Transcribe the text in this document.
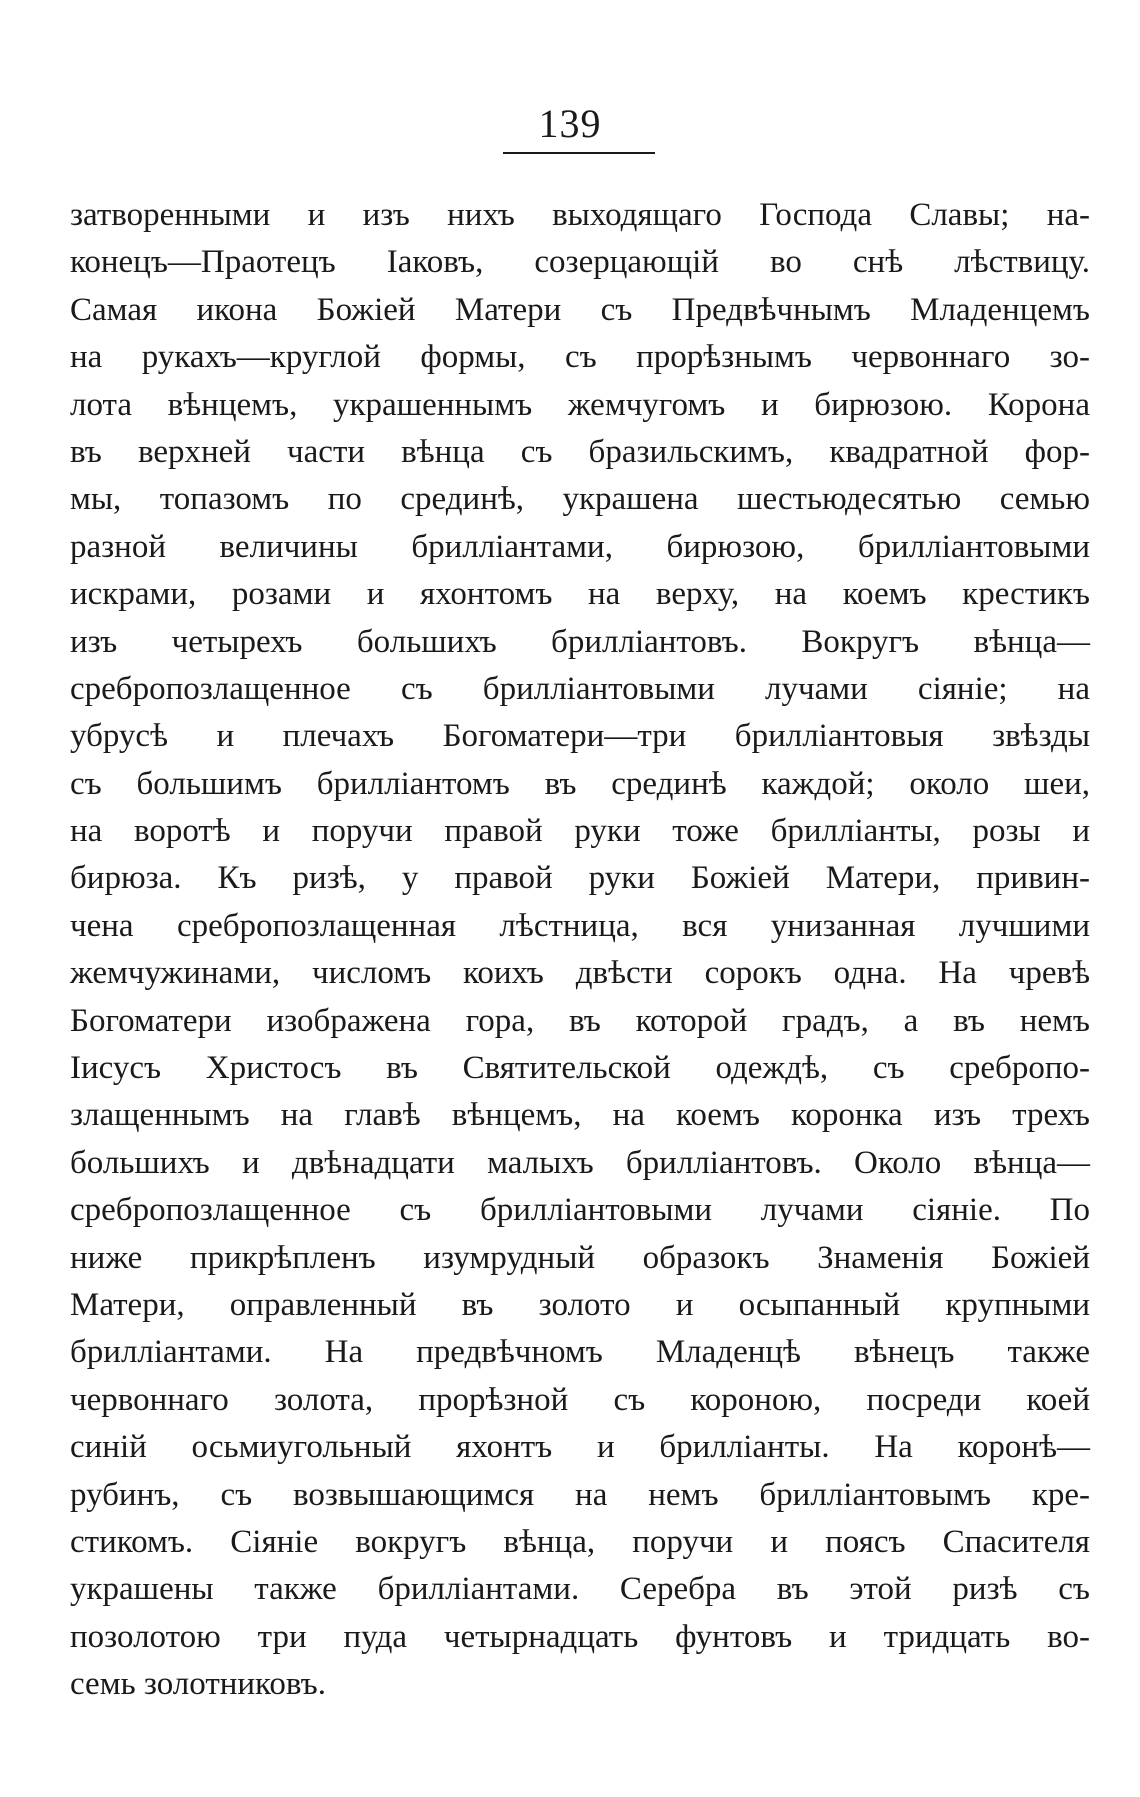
139
затворенными и изъ нихъ выходящаго Господа Славы; на-
конецъ—Праотецъ Іаковъ, созерцающій во снѣ лѣствицу.
Самая икона Божіей Матери съ Предвѣчнымъ Младенцемъ
на рукахъ—круглой формы, съ прорѣзнымъ червоннаго зо-
лота вѣнцемъ, украшеннымъ жемчугомъ и бирюзою. Корона
въ верхней части вѣнца съ бразильскимъ, квадратной фор-
мы, топазомъ по срединѣ, украшена шестьюдесятью семью
разной величины бриллiантами, бирюзою, бриллiантовыми
искрами, розами и яхонтомъ на верху, на коемъ крестикъ
изъ четырехъ большихъ бриллiантовъ. Вокругъ вѣнца—
сребропозлащенное съ бриллiантовыми лучами сiянiе; на
убрусѣ и плечахъ Богоматери—три бриллiантовыя звѣзды
съ большимъ бриллiантомъ въ срединѣ каждой; около шеи,
на воротѣ и поручи правой руки тоже бриллiанты, розы и
бирюза. Къ ризѣ, у правой руки Божiей Матери, привин-
чена сребропозлащенная лѣстница, вся унизанная лучшими
жемчужинами, числомъ коихъ двѣсти сорокъ одна. На чревѣ
Богоматери изображена гора, въ которой градъ, а въ немъ
Iисусъ Христосъ въ Святительской одеждѣ, съ сребропо-
злащеннымъ на главѣ вѣнцемъ, на коемъ коронка изъ трехъ
большихъ и двѣнадцати малыхъ бриллiантовъ. Около вѣнца—
сребропозлащенное съ бриллiантовыми лучами сiянiе. По
ниже прикрѣпленъ изумрудный образокъ Знаменiя Божiей
Матери, оправленный въ золото и осыпанный крупными
бриллiантами. На предвѣчномъ Младенцѣ вѣнецъ также
червоннаго золота, прорѣзной съ короною, посреди коей
синiй осьмиугольный яхонтъ и бриллiанты. На коронѣ—
рубинъ, съ возвышающимся на немъ бриллiантовымъ кре-
стикомъ. Сiянiе вокругъ вѣнца, поручи и поясъ Спасителя
украшены также бриллiантами. Серебра въ этой ризѣ съ
позолотою три пуда четырнадцать фунтовъ и тридцать во-
семь золотниковъ.
